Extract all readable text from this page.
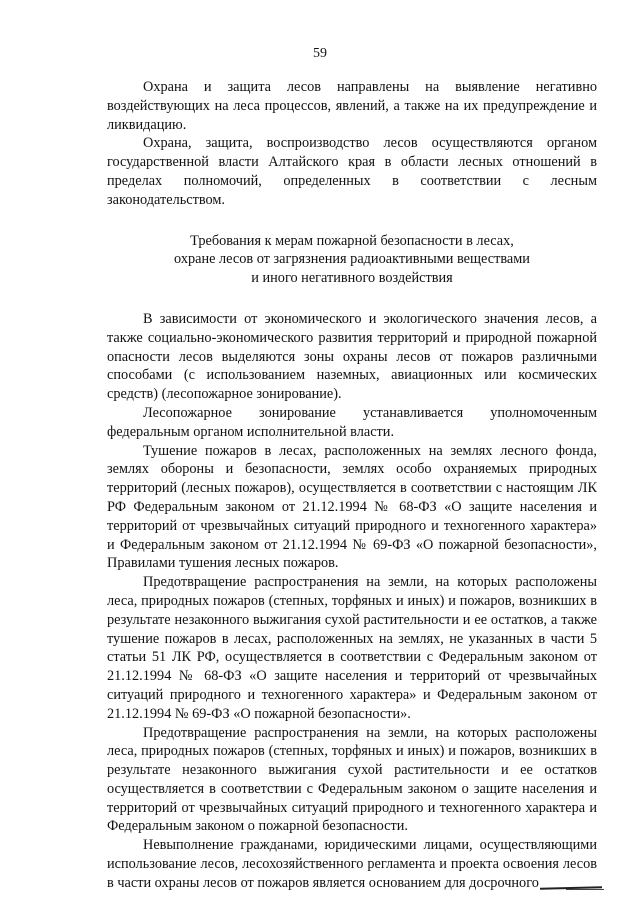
59

Охрана и защита лесов направлены на выявление негативно воздействующих на леса процессов, явлений, а также на их предупреждение и ликвидацию.

Охрана, защита, воспроизводство лесов осуществляются органом государственной власти Алтайского края в области лесных отношений в пределах полномочий, определенных в соответствии с лесным законодательством.

Требования к мерам пожарной безопасности в лесах,
охране лесов от загрязнения радиоактивными веществами
и иного негативного воздействия

В зависимости от экономического и экологического значения лесов, а также социально-экономического развития территорий и природной пожарной опасности лесов выделяются зоны охраны лесов от пожаров различными способами (с использованием наземных, авиационных или космических средств) (лесопожарное зонирование).

Лесопожарное зонирование устанавливается уполномоченным федеральным органом исполнительной власти.

Тушение пожаров в лесах, расположенных на землях лесного фонда, землях обороны и безопасности, землях особо охраняемых природных территорий (лесных пожаров), осуществляется в соответствии с настоящим ЛК РФ Федеральным законом от 21.12.1994 № 68-ФЗ «О защите населения и территорий от чрезвычайных ситуаций природного и техногенного характера» и Федеральным законом от 21.12.1994 № 69-ФЗ «О пожарной безопасности», Правилами тушения лесных пожаров.

Предотвращение распространения на земли, на которых расположены леса, природных пожаров (степных, торфяных и иных) и пожаров, возникших в результате незаконного выжигания сухой растительности и ее остатков, а также тушение пожаров в лесах, расположенных на землях, не указанных в части 5 статьи 51 ЛК РФ, осуществляется в соответствии с Федеральным законом от 21.12.1994 № 68-ФЗ «О защите населения и территорий от чрезвычайных ситуаций природного и техногенного характера» и Федеральным законом от 21.12.1994 № 69-ФЗ «О пожарной безопасности».

Предотвращение распространения на земли, на которых расположены леса, природных пожаров (степных, торфяных и иных) и пожаров, возникших в результате незаконного выжигания сухой растительности и ее остатков осуществляется в соответствии с Федеральным законом о защите населения и территорий от чрезвычайных ситуаций природного и техногенного характера и Федеральным законом о пожарной безопасности.

Невыполнение гражданами, юридическими лицами, осуществляющими использование лесов, лесохозяйственного регламента и проекта освоения лесов в части охраны лесов от пожаров является основанием для досрочного
